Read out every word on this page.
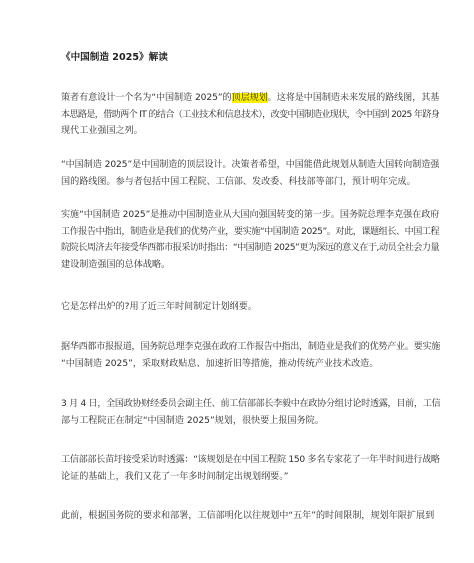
《中国制造 2025》解读

策者有意设计一个名为“中国制造 2025”的顶层规划。这将是中国制造未来发展的路线图，其基
本思路是，借助两个 IT 的结合（工业技术和信息技术），改变中国制造业现状，令中国到 2025 年跻身
现代工业强国之列。

“中国制造 2025”是中国制造的顶层设计。决策者希望，中国能借此规划从制造大国转向制造强
国的路线图。参与者包括中国工程院、工信部、发改委、科技部等部门，预计明年完成。

实施“中国制造 2025”是推动中国制造业从大国向强国转变的第一步。国务院总理李克强在政府
工作报告中指出，制造业是我们的优势产业，要实施“中国制造 2025”。对此，课题组长、中国工程
院院长周济去年接受华西都市报采访时指出：“中国制造 2025”更为深远的意义在于,动员全社会力量
建设制造强国的总体战略。

它是怎样出炉的?用了近三年时间制定计划纲要。

据华西都市报报道，国务院总理李克强在政府工作报告中指出，制造业是我们的优势产业。要实施
“中国制造 2025”，采取财政贴息、加速折旧等措施，推动传统产业技术改造。

3 月 4 日，全国政协财经委员会副主任、前工信部部长李毅中在政协分组讨论时透露，目前，工信
部与工程院正在制定“中国制造 2025”规划，很快要上报国务院。

工信部部长苗圩接受采访时透露：“该规划是在中国工程院 150 多名专家花了一年半时间进行战略
论证的基础上，我们又花了一年多时间制定出规划纲要。”

此前，根据国务院的要求和部署，工信部明化以往规划中“五年”的时间限制，规划年限扩展到
